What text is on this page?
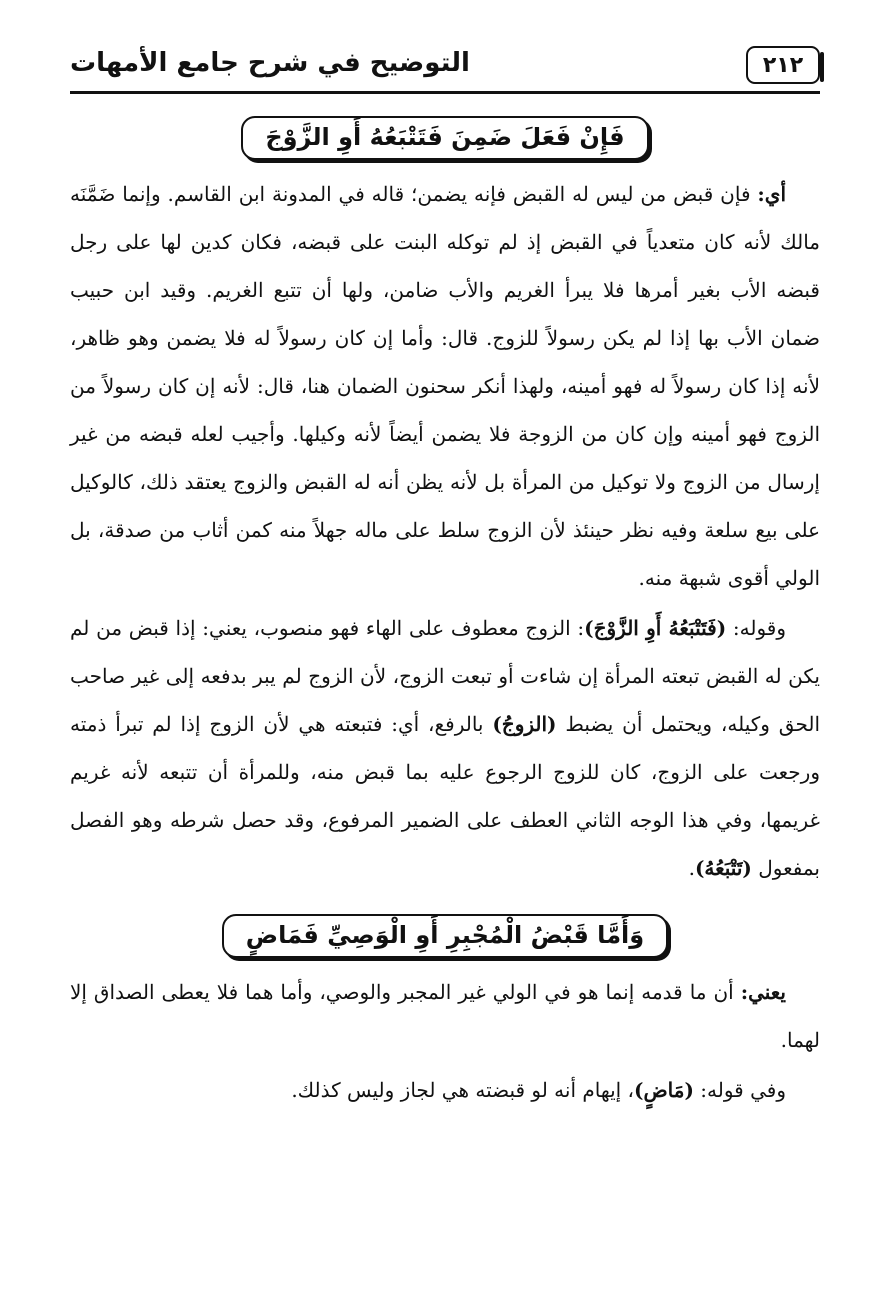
٢١٢
التوضيح في شرح جامع الأمهات
فَإِنْ فَعَلَ ضَمِنَ فَتَتْبَعُهُ أَوِ الزَّوْجَ

أي: فإن قبض من ليس له القبض فإنه يضمن؛ قاله في المدونة ابن القاسم. وإنما ضَمَّنَه مالك لأنه كان متعدياً في القبض إذ لم توكله البنت على قبضه، فكان كدين لها على رجل قبضه الأب بغير أمرها فلا يبرأ الغريم والأب ضامن، ولها أن تتبع الغريم. وقيد ابن حبيب ضمان الأب بها إذا لم يكن رسولاً للزوج. قال: وأما إن كان رسولاً له فلا يضمن وهو ظاهر، لأنه إذا كان رسولاً له فهو أمينه، ولهذا أنكر سحنون الضمان هنا، قال: لأنه إن كان رسولاً من الزوج فهو أمينه وإن كان من الزوجة فلا يضمن أيضاً لأنه وكيلها. وأجيب لعله قبضه من غير إرسال من الزوج ولا توكيل من المرأة بل لأنه يظن أنه له القبض والزوج يعتقد ذلك، كالوكيل على بيع سلعة وفيه نظر حينئذ لأن الزوج سلط على ماله جهلاً منه كمن أثاب من صدقة، بل الولي أقوى شبهة منه.

وقوله: (فَتَتْبَعُهُ أَوِ الزَّوْجَ): الزوج معطوف على الهاء فهو منصوب، يعني: إذا قبض من لم يكن له القبض تبعته المرأة إن شاءت أو تبعت الزوج، لأن الزوج لم يبر بدفعه إلى غير صاحب الحق وكيله، ويحتمل أن يضبط (الزوجُ) بالرفع، أي: فتبعته هي لأن الزوج إذا لم تبرأ ذمته ورجعت على الزوج، كان للزوج الرجوع عليه بما قبض منه، وللمرأة أن تتبعه لأنه غريم غريمها، وفي هذا الوجه الثاني العطف على الضمير المرفوع، وقد حصل شرطه وهو الفصل بمفعول (تَتْبَعُهُ).

وَأَمَّا قَبْضُ الْمُجْبِرِ أَوِ الْوَصِيِّ فَمَاضٍ

يعني: أن ما قدمه إنما هو في الولي غير المجبر والوصي، وأما هما فلا يعطى الصداق إلا لهما.

وفي قوله: (مَاضٍ)، إيهام أنه لو قبضته هي لجاز وليس كذلك.
